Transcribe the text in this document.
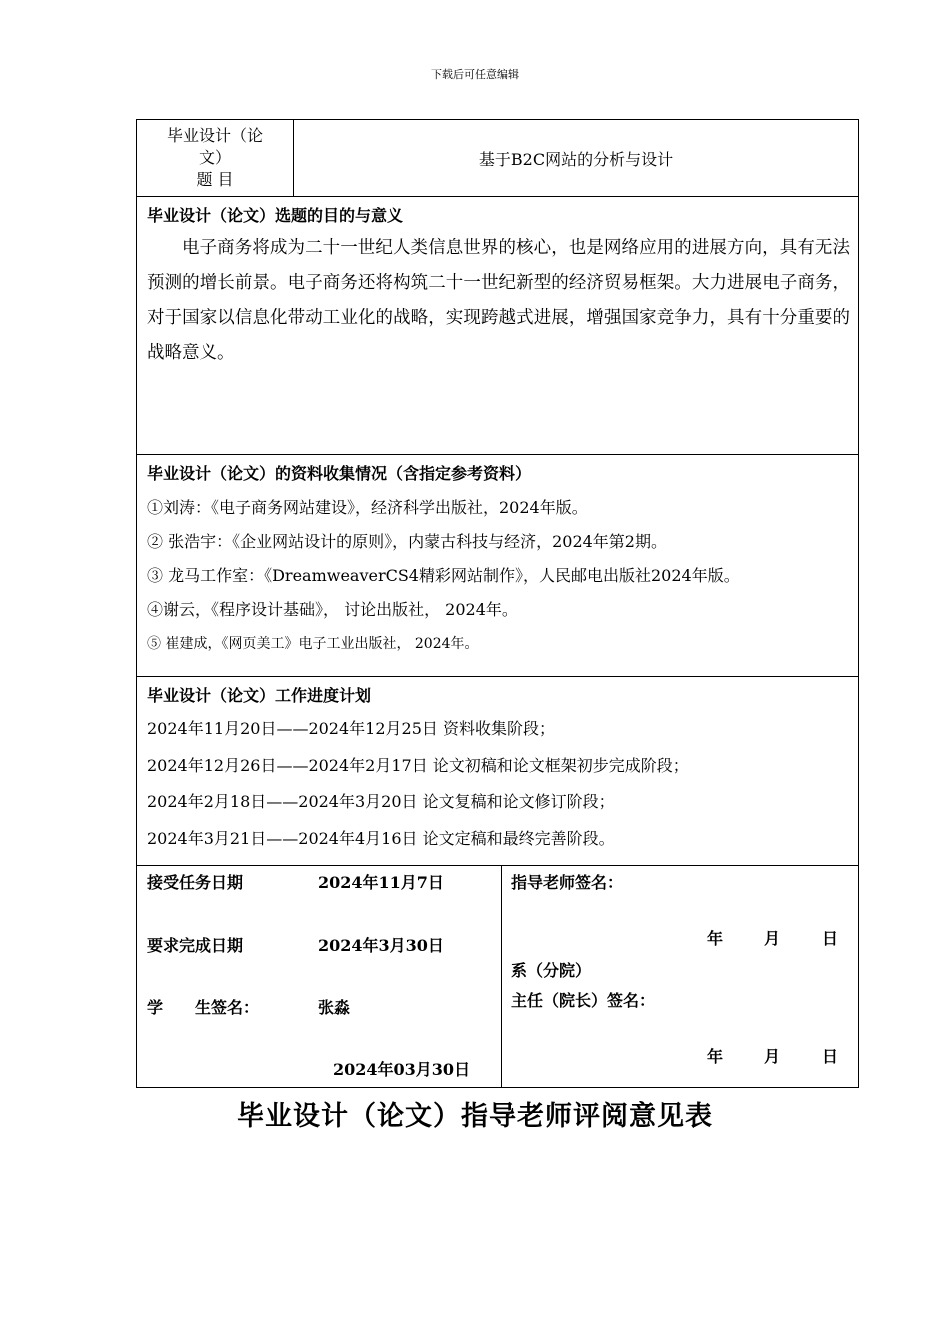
下载后可任意编辑
毕业设计（论
文）
题 目
基于B2C网站的分析与设计
毕业设计（论文）选题的目的与意义
电子商务将成为二十一世纪人类信息世界的核心，也是网络应用的进展方向，具有无法预测的增长前景。电子商务还将构筑二十一世纪新型的经济贸易框架。大力进展电子商务，对于国家以信息化带动工业化的战略，实现跨越式进展，增强国家竞争力，具有十分重要的战略意义。
毕业设计（论文）的资料收集情况（含指定参考资料）
①刘涛：《电子商务网站建设》，经济科学出版社，2024年版。
② 张浩宇：《企业网站设计的原则》，内蒙古科技与经济，2024年第2期。
③ 龙马工作室：《DreamweaverCS4精彩网站制作》，人民邮电出版社2024年版。
④谢云，《程序设计基础》， 讨论出版社， 2024年。
⑤ 崔建成，《网页美工》电子工业出版社， 2024年。
毕业设计（论文）工作进度计划
2024年11月20日——2024年12月25日 资料收集阶段；
2024年12月26日——2024年2月17日 论文初稿和论文框架初步完成阶段；
2024年2月18日——2024年3月20日 论文复稿和论文修订阶段；
2024年3月21日——2024年4月16日 论文定稿和最终完善阶段。
接受任务日期	2024年11月7日
要求完成日期	2024年3月30日
学　　生签名：	张淼
2024年03月30日
指导老师签名：
年	月	日
系（分院）
主任（院长）签名：
年	月	日
毕业设计（论文）指导老师评阅意见表
